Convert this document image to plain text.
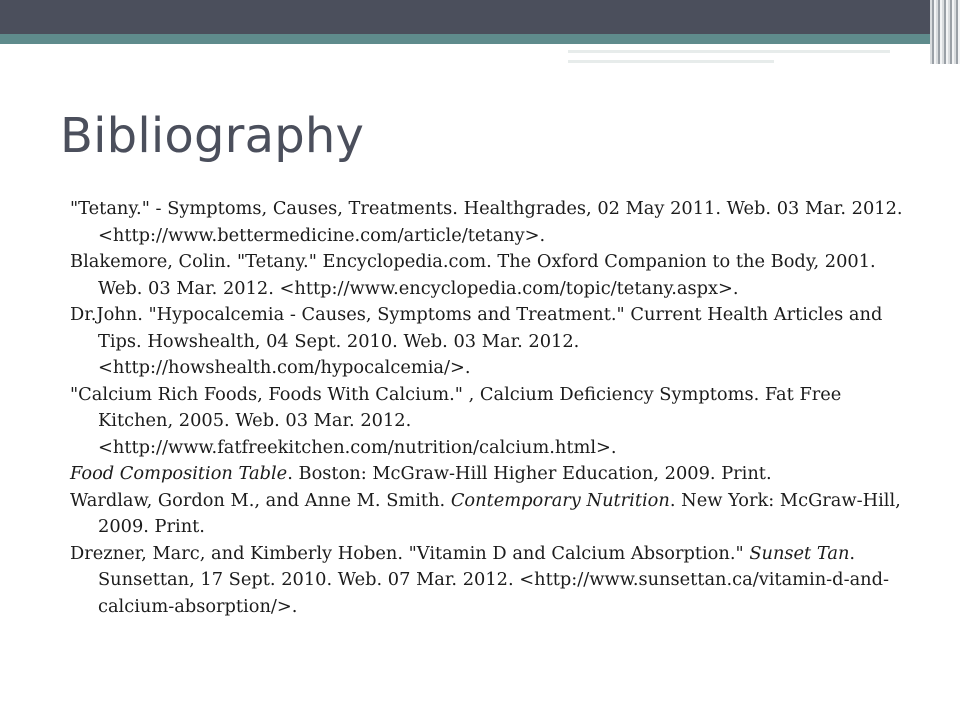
Bibliography

"Tetany." - Symptoms, Causes, Treatments. Healthgrades, 02 May 2011. Web. 03 Mar. 2012. <http://www.bettermedicine.com/article/tetany>.

Blakemore, Colin. "Tetany." Encyclopedia.com. The Oxford Companion to the Body, 2001. Web. 03 Mar. 2012. <http://www.encyclopedia.com/topic/tetany.aspx>.

Dr.John. "Hypocalcemia - Causes, Symptoms and Treatment." Current Health Articles and Tips. Howshealth, 04 Sept. 2010. Web. 03 Mar. 2012. <http://howshealth.com/hypocalcemia/>.

"Calcium Rich Foods, Foods With Calcium." , Calcium Deficiency Symptoms. Fat Free Kitchen, 2005. Web. 03 Mar. 2012. <http://www.fatfreekitchen.com/nutrition/calcium.html>.

Food Composition Table. Boston: McGraw-Hill Higher Education, 2009. Print.

Wardlaw, Gordon M., and Anne M. Smith. Contemporary Nutrition. New York: McGraw-Hill, 2009. Print.

Drezner, Marc, and Kimberly Hoben. "Vitamin D and Calcium Absorption." Sunset Tan. Sunsettan, 17 Sept. 2010. Web. 07 Mar. 2012. <http://www.sunsettan.ca/vitamin-d-and-calcium-absorption/>.
